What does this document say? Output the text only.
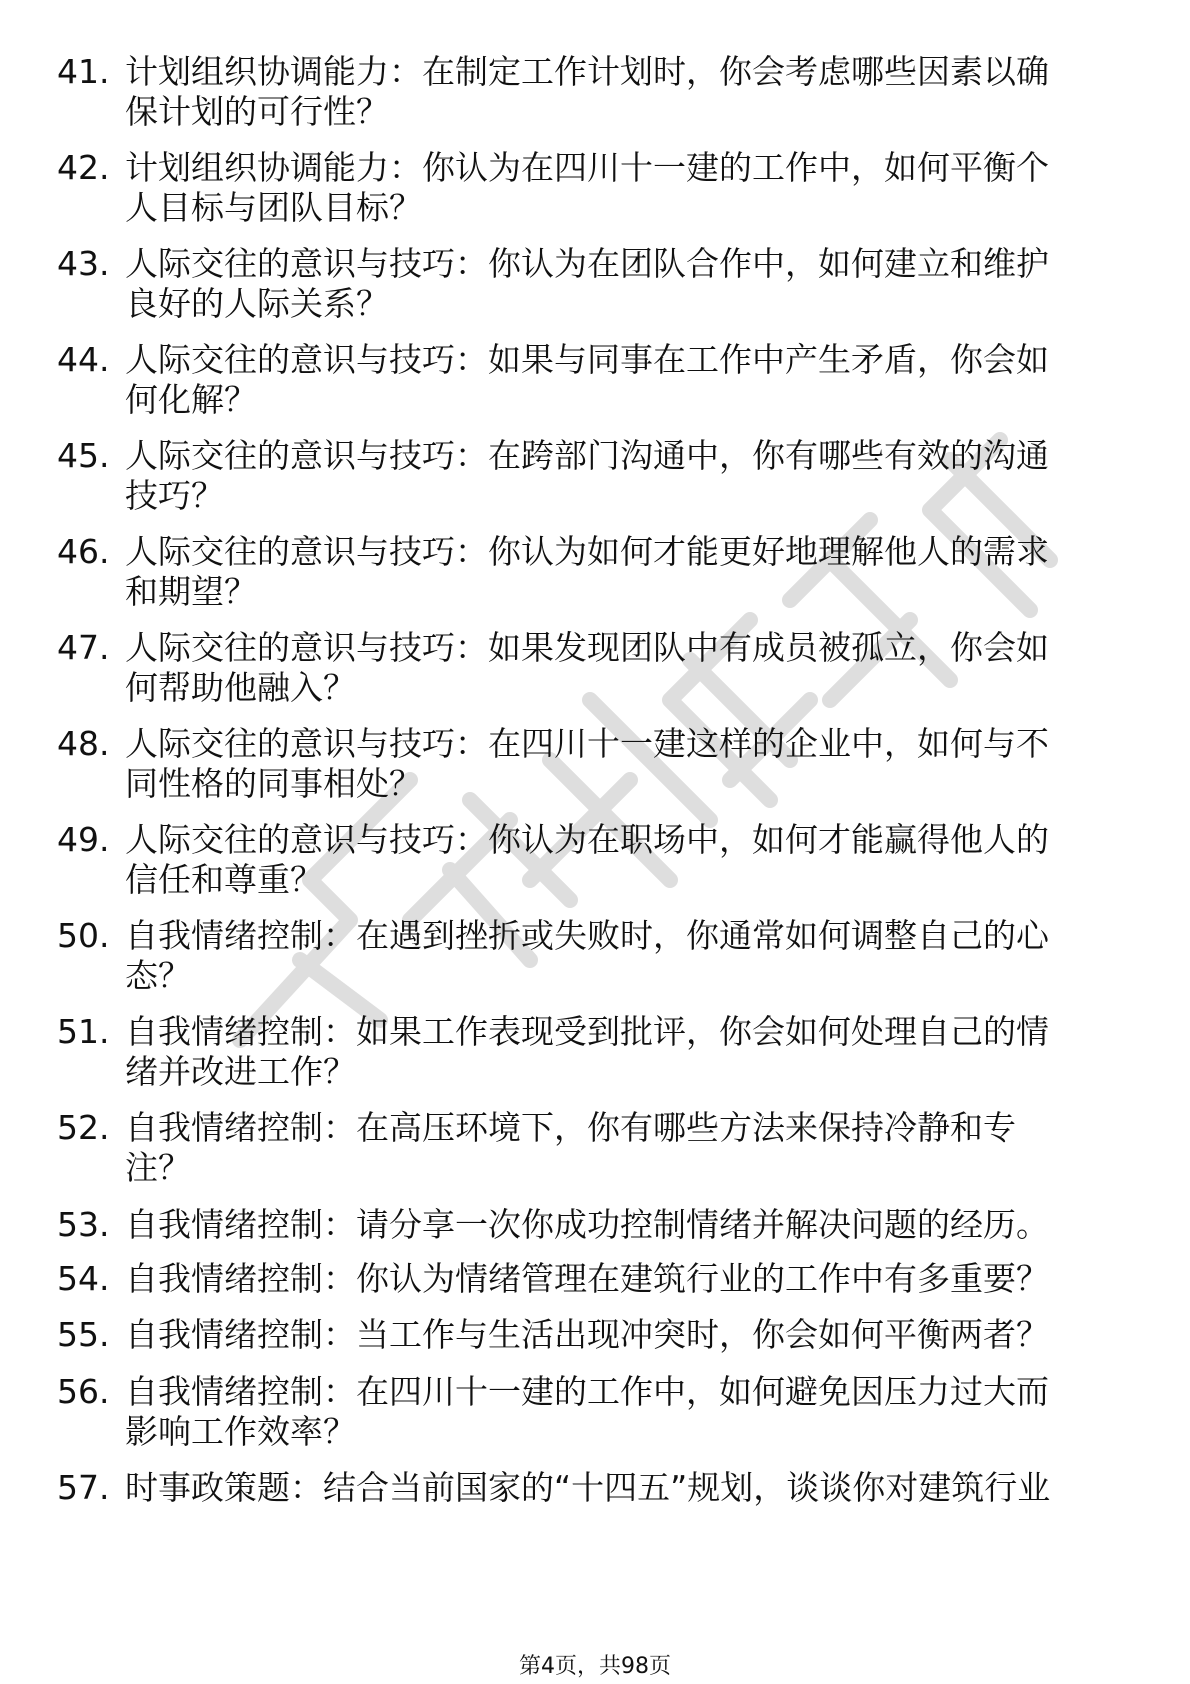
41. 计划组织协调能力：在制定工作计划时，你会考虑哪些因素以确
保计划的可行性？
42. 计划组织协调能力：你认为在四川十一建的工作中，如何平衡个
人目标与团队目标？
43. 人际交往的意识与技巧：你认为在团队合作中，如何建立和维护
良好的人际关系？
44. 人际交往的意识与技巧：如果与同事在工作中产生矛盾，你会如
何化解？
45. 人际交往的意识与技巧：在跨部门沟通中，你有哪些有效的沟通
技巧？
46. 人际交往的意识与技巧：你认为如何才能更好地理解他人的需求
和期望？
47. 人际交往的意识与技巧：如果发现团队中有成员被孤立，你会如
何帮助他融入？
48. 人际交往的意识与技巧：在四川十一建这样的企业中，如何与不
同性格的同事相处？
49. 人际交往的意识与技巧：你认为在职场中，如何才能赢得他人的
信任和尊重？
50. 自我情绪控制：在遇到挫折或失败时，你通常如何调整自己的心
态？
51. 自我情绪控制：如果工作表现受到批评，你会如何处理自己的情
绪并改进工作？
52. 自我情绪控制：在高压环境下，你有哪些方法来保持冷静和专
注？
53. 自我情绪控制：请分享一次你成功控制情绪并解决问题的经历。
54. 自我情绪控制：你认为情绪管理在建筑行业的工作中有多重要？
55. 自我情绪控制：当工作与生活出现冲突时，你会如何平衡两者？
56. 自我情绪控制：在四川十一建的工作中，如何避免因压力过大而
影响工作效率？
57. 时事政策题：结合当前国家的“十四五”规划，谈谈你对建筑行业
第4页，共98页
